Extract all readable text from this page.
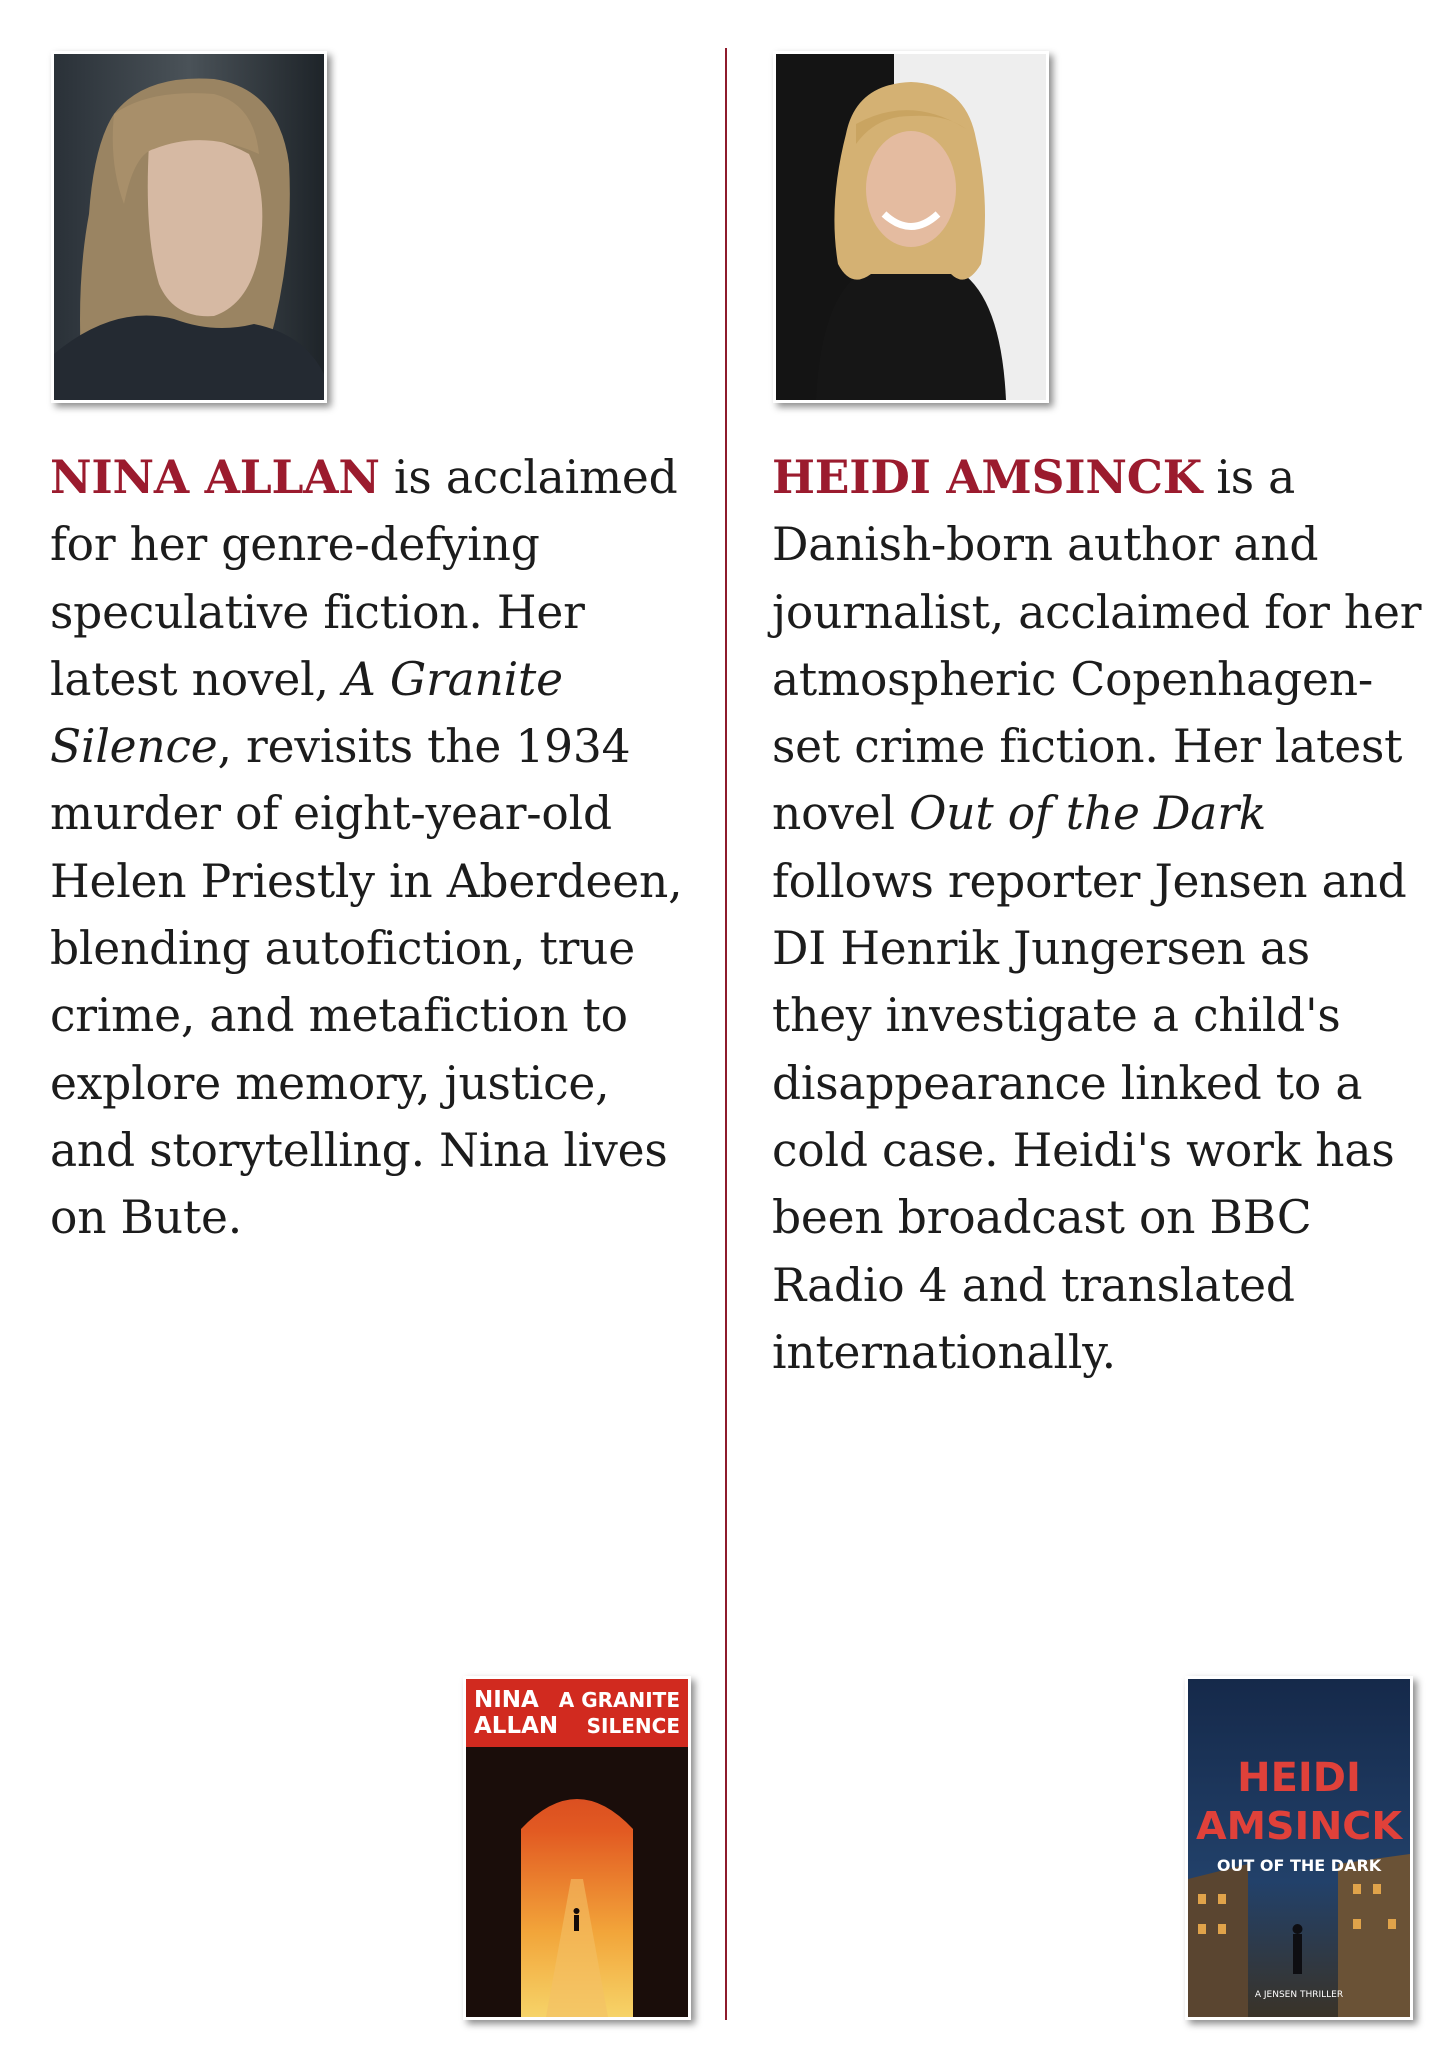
NINA ALLAN is acclaimed for her genre-defying speculative fiction. Her latest novel, A Granite
Silence, revisits the 1934 murder of eight-year-old Helen Priestly in Aberdeen, blending autofiction, true crime, and metafiction to explore memory, justice, and storytelling. Nina lives on Bute.
NINA
ALLAN
A GRANITE
SILENCE
HEIDI AMSINCK is a Danish-born author and journalist, acclaimed for her atmospheric Copenhagen-set crime fiction. Her latest novel Out of the Dark follows reporter Jensen and DI Henrik Jungersen as they investigate a child's disappearance linked to a cold case. Heidi's work has been broadcast on BBC Radio 4 and translated internationally.
HEIDI
AMSINCK
OUT OF THE DARK
A JENSEN THRILLER
